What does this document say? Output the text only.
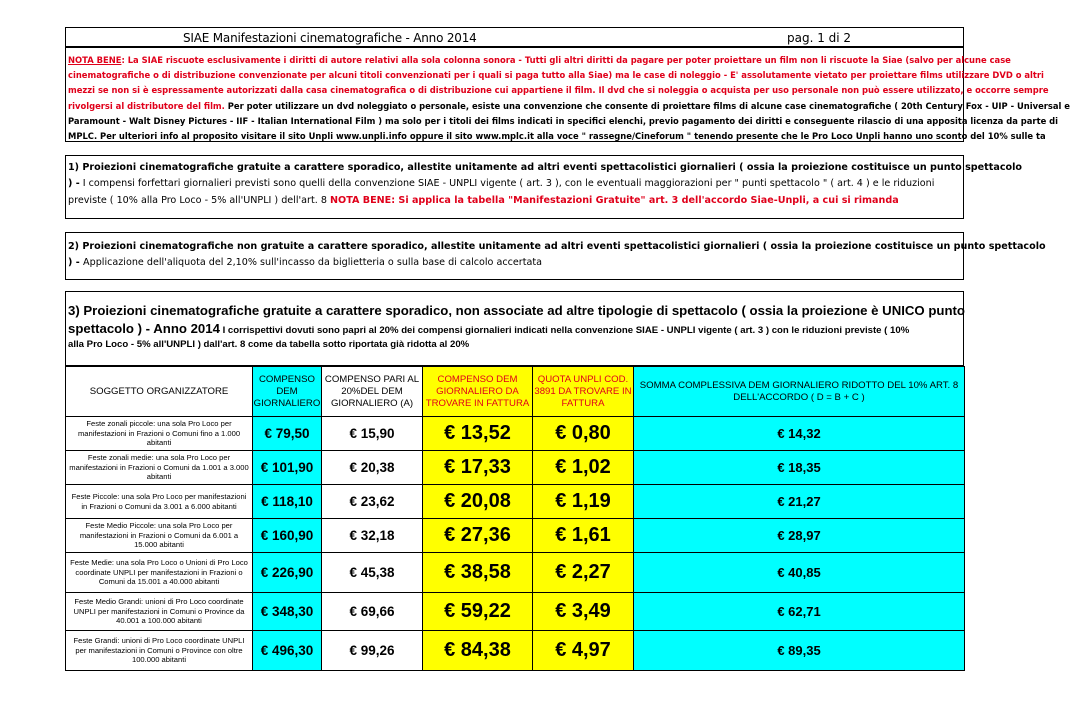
SIAE Manifestazioni cinematografiche - Anno 2014	pag. 1 di 2
NOTA BENE: La SIAE riscuote esclusivamente i diritti di autore relativi alla sola colonna sonora - Tutti gli altri diritti da pagare per poter proiettare un film non li riscuote la Siae (salvo per alcune case
cinematografiche o di distribuzione convenzionate per alcuni titoli convenzionati per i quali si paga tutto alla Siae) ma le case di noleggio - E' assolutamente vietato per proiettare films utilizzare DVD o altri
mezzi se non si è espressamente autorizzati dalla casa cinematografica o di distribuzione cui appartiene il film. Il dvd che si noleggia o acquista per uso personale non può essere utilizzato, e occorre sempre
rivolgersi al distributore del film. Per poter utilizzare un dvd noleggiato o personale, esiste una convenzione che consente di proiettare films di alcune case cinematografiche ( 20th Century Fox - UIP - Universal e
Paramount - Walt Disney Pictures - IIF - Italian International Film ) ma solo per i titoli dei films indicati in specifici elenchi, previo pagamento dei diritti e conseguente rilascio di una apposita licenza da parte di
MPLC. Per ulteriori info al proposito visitare il sito Unpli www.unpli.info oppure il sito www.mplc.it alla voce " rassegne/Cineforum " tenendo presente che le Pro Loco Unpli hanno uno sconto del 10% sulle ta
1) Proiezioni cinematografiche gratuite a carattere sporadico, allestite unitamente ad altri eventi spettacolistici giornalieri ( ossia la proiezione costituisce un punto spettacolo
) - I compensi forfettari giornalieri previsti sono quelli della convenzione SIAE - UNPLI vigente ( art. 3 ), con le eventuali maggiorazioni per " punti spettacolo " ( art. 4 ) e le riduzioni
previste ( 10% alla Pro Loco - 5% all'UNPLI ) dell'art. 8 NOTA BENE: Si applica la tabella "Manifestazioni Gratuite" art. 3 dell'accordo Siae-Unpli, a cui si rimanda
2) Proiezioni cinematografiche non gratuite a carattere sporadico, allestite unitamente ad altri eventi spettacolistici giornalieri ( ossia la proiezione costituisce un punto spettacolo
) - Applicazione dell'aliquota del 2,10% sull'incasso da biglietteria o sulla base di calcolo accertata
3) Proiezioni cinematografiche gratuite a carattere sporadico, non associate ad altre tipologie di spettacolo ( ossia la proiezione è UNICO punto
spettacolo ) - Anno 2014 I corrispettivi dovuti sono papri al 20% dei compensi giornalieri indicati nella convenzione SIAE - UNPLI vigente ( art. 3 ) con le riduzioni previste ( 10%
alla Pro Loco - 5% all'UNPLI ) dall'art. 8 come da tabella sotto riportata già ridotta al 20%
SOGGETTO ORGANIZZATORE	COMPENSO DEM GIORNALIERO	COMPENSO PARI AL 20%DEL DEM GIORNALIERO (A)	COMPENSO DEM GIORNALIERO DA TROVARE IN FATTURA	QUOTA UNPLI COD. 3891 DA TROVARE IN FATTURA	SOMMA COMPLESSIVA DEM GIORNALIERO RIDOTTO DEL 10% ART. 8 DELL'ACCORDO ( D = B + C )
Feste zonali piccole: una sola Pro Loco per manifestazioni in Frazioni o Comuni fino a 1.000 abitanti	€ 79,50	€ 15,90	€ 13,52	€ 0,80	€ 14,32
Feste zonali medie: una sola Pro Loco per manifestazioni in Frazioni o Comuni da 1.001 a 3.000 abitanti	€ 101,90	€ 20,38	€ 17,33	€ 1,02	€ 18,35
Feste Piccole: una sola Pro Loco per manifestazioni in Frazioni o Comuni da 3.001 a 6.000 abitanti	€ 118,10	€ 23,62	€ 20,08	€ 1,19	€ 21,27
Feste Medio Piccole: una sola Pro Loco per manifestazioni in Frazioni o Comuni da 6.001 a 15.000 abitanti	€ 160,90	€ 32,18	€ 27,36	€ 1,61	€ 28,97
Feste Medie: una sola Pro Loco o Unioni di Pro Loco coordinate UNPLI per manifestazioni in Frazioni o Comuni da 15.001 a 40.000 abitanti	€ 226,90	€ 45,38	€ 38,58	€ 2,27	€ 40,85
Feste Medio Grandi: unioni di Pro Loco coordinate UNPLI per manifestazioni in Comuni o Province da 40.001 a 100.000 abitanti	€ 348,30	€ 69,66	€ 59,22	€ 3,49	€ 62,71
Feste Grandi: unioni di Pro Loco coordinate UNPLI per manifestazioni in Comuni o Province con oltre 100.000 abitanti	€ 496,30	€ 99,26	€ 84,38	€ 4,97	€ 89,35
